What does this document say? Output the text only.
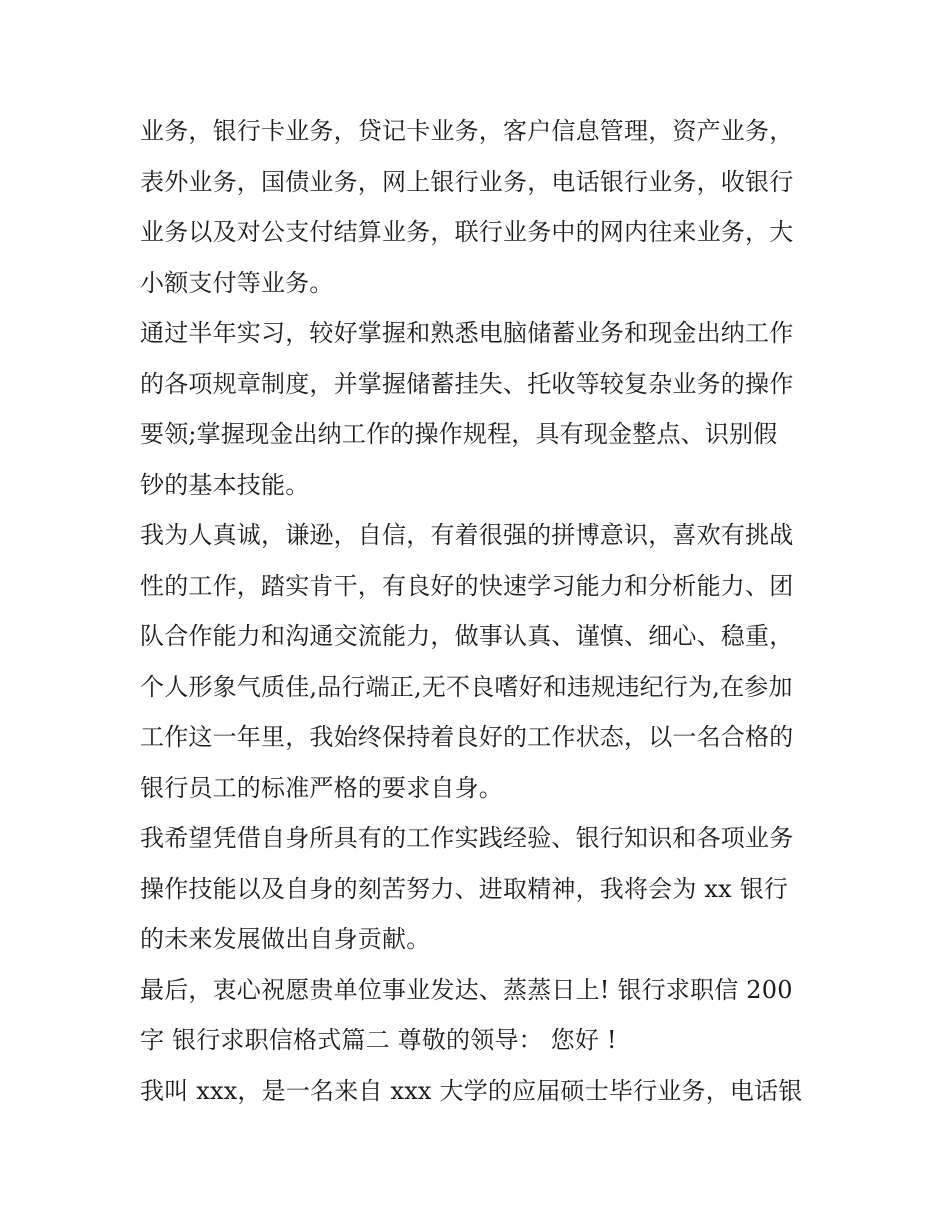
业务，银行卡业务，贷记卡业务，客户信息管理，资产业务，
表外业务，国债业务，网上银行业务，电话银行业务，收银行
业务以及对公支付结算业务，联行业务中的网内往来业务，大
小额支付等业务。
通过半年实习，较好掌握和熟悉电脑储蓄业务和现金出纳工作
的各项规章制度，并掌握储蓄挂失、托收等较复杂业务的操作
要领;掌握现金出纳工作的操作规程，具有现金整点、识别假
钞的基本技能。
我为人真诚，谦逊，自信，有着很强的拼博意识，喜欢有挑战
性的工作，踏实肯干，有良好的快速学习能力和分析能力、团
队合作能力和沟通交流能力，做事认真、谨慎、细心、稳重，
个人形象气质佳,品行端正,无不良嗜好和违规违纪行为,在参加
工作这一年里，我始终保持着良好的工作状态，以一名合格的
银行员工的标准严格的要求自身。
我希望凭借自身所具有的工作实践经验、银行知识和各项业务
操作技能以及自身的刻苦努力、进取精神，我将会为 xx 银行
的未来发展做出自身贡献。
最后，衷心祝愿贵单位事业发达、蒸蒸日上! 银行求职信 200
字 银行求职信格式篇二 尊敬的领导： 您好 !
我叫 xxx，是一名来自 xxx 大学的应届硕士毕行业务，电话银
